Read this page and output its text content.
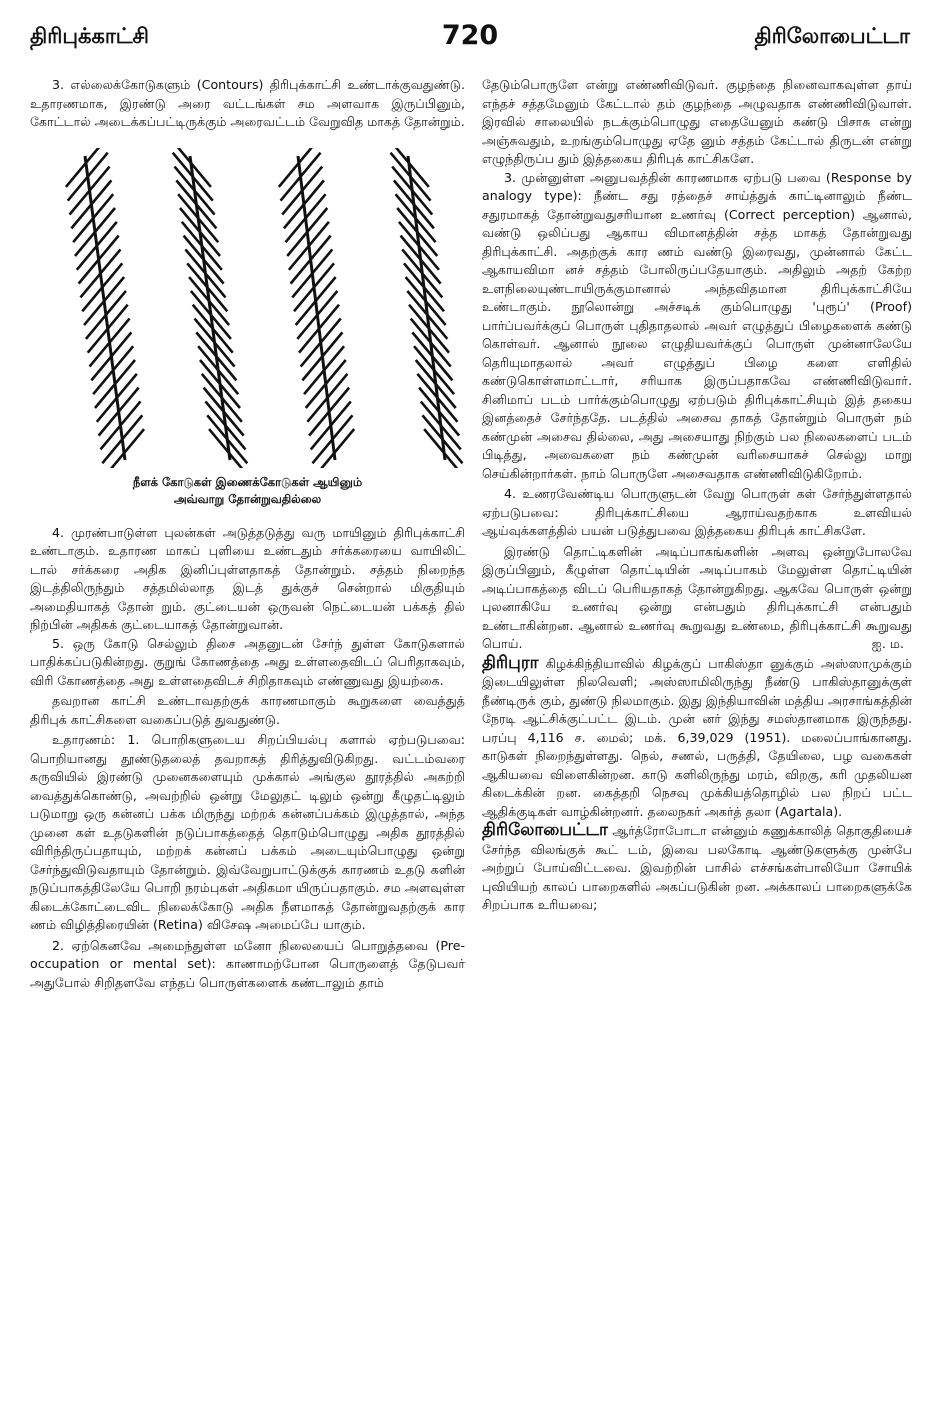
திரிபுக்காட்சி	720	திரிலோபைட்டா

3. எல்லைக்கோடுகளும் (Contours) திரிபுக்காட்சி உண்டாக்குவதுண்டு. உதாரணமாக, இரண்டு அரை வட்டங்கள் சம அளவாக இருப்பினும், கோட்டால் அடைக்கப்பட்டிருக்கும் அரைவட்டம் வேறுவித மாகத் தோன்றும்.

நீளக் கோடுகள் இணைக்கோடுகள் ஆயினும்
அவ்வாறு தோன்றுவதில்லை

4. முரண்பாடுள்ள புலன்கள் அடுத்தடுத்து வரு மாயினும் திரிபுக்காட்சி உண்டாகும். உதாரண மாகப் புளியை உண்டதும் சர்க்கரையை வாயிலிட் டால் சர்க்கரை அதிக இனிப்புள்ளதாகத் தோன்றும். சத்தம் நிறைந்த இடத்திலிருந்தும் சத்தமில்லாத இடத் துக்குச் சென்றால் மிகுதியும் அமைதியாகத் தோன் றும். குட்டையன் ஒருவன் நெட்டையன் பக்கத் தில் நிற்பின் அதிகக் குட்டையாகத் தோன்றுவான்.

5. ஒரு கோடு செல்லும் திசை அதனுடன் சேர்ந் துள்ள கோடுகளால் பாதிக்கப்படுகின்றது. குறுங் கோணத்தை அது உள்ளதைவிடப் பெரிதாகவும், விரி கோணத்தை அது உள்ளதைவிடச் சிறிதாகவும் எண்ணுவது இயற்கை.

தவறான காட்சி உண்டாவதற்குக் காரணமாகும் கூறுகளை வைத்துத் திரிபுக் காட்சிகளை வகைப்படுத் துவதுண்டு.

உதாரணம்: 1. பொறிகளுடைய சிறப்பியல்பு களால் ஏற்படுபவை: பொறியானது தூண்டுதலைத் தவறாகத் திரித்துவிடுகிறது. வட்டம்வரை கருவியில் இரண்டு முனைகளையும் முக்கால் அங்குல தூரத்தில் அகற்றி வைத்துக்கொண்டு, அவற்றில் ஒன்று மேலுதட் டிலும் ஒன்று கீழுதட்டிலும் படுமாறு ஒரு கன்னப் பக்க மிருந்து மற்றக் கன்னப்பக்கம் இழுத்தால், அந்த முனை கள் உதடுகளின் நடுப்பாகத்தைத் தொடும்பொழுது அதிக தூரத்தில் விரிந்திருப்பதாயும், மற்றக் கன்னப் பக்கம் அடையும்பொழுது ஒன்று சேர்ந்துவிடுவதாயும் தோன்றும். இவ்வேறுபாட்டுக்குக் காரணம் உதடு களின் நடுப்பாகத்திலேயே பொறி நரம்புகள் அதிகமா யிருப்பதாகும். சம அளவுள்ள கிடைக்கோட்டைவிட நிலைக்கோடு அதிக நீளமாகத் தோன்றுவதற்குக் கார ணம் விழித்திரையின் (Retina) விசேஷ அமைப்பே யாகும்.

2. ஏற்கெனவே அமைந்துள்ள மனோ நிலையைப் பொறுத்தவை (Pre-occupation or mental set): காணாமற்போன பொருளைத் தேடுபவர் அதுபோல் சிறிதளவே எந்தப் பொருள்களைக் கண்டாலும் தாம்

தேடும்பொருளே என்று எண்ணிவிடுவர். குழந்தை நினைவாகவுள்ள தாய் எந்தச் சத்தமேனும் கேட்டால் தம் குழந்தை அழுவதாக எண்ணிவிடுவாள். இரவில் சாலையில் நடக்கும்பொழுது எதையேனும் கண்டு பிசாசு என்று அஞ்சுவதும், உறங்கும்பொழுது ஏதே னும் சத்தம் கேட்டால் திருடன் என்று எழுந்திருப்ப தும் இத்தகைய திரிபுக் காட்சிகளே.

3. முன்னுள்ள அனுபவத்தின் காரணமாக ஏற்படு பவை (Response by analogy type): நீண்ட சது ரத்தைச் சாய்த்துக் காட்டினாலும் நீண்ட சதுரமாகத் தோன்றுவதுசரியான உணர்வு (Correct perception) ஆனால், வண்டு ஒலிப்பது ஆகாய விமானத்தின் சத்த மாகத் தோன்றுவது திரிபுக்காட்சி. அதற்குக் கார ணம் வண்டு இரைவது, முன்னால் கேட்ட ஆகாயவிமா னச் சத்தம் போலிருப்பதேயாகும். அதிலும் அதற் கேற்ற உளநிலையுண்டாயிருக்குமானால் அந்தவிதமான திரிபுக்காட்சியே உண்டாகும். நூலொன்று அச்சடிக் கும்பொழுது 'புரூப்' (Proof) பார்ப்பவர்க்குப் பொருள் புதிதாதலால் அவர் எழுத்துப் பிழைகளைக் கண்டு கொள்வர். ஆனால் நூலை எழுதியவர்க்குப் பொருள் முன்னாலேயே தெரியுமாதலால் அவர் எழுத்துப் பிழை களை எளிதில் கண்டுகொள்ளமாட்டார், சரியாக இருப்பதாகவே எண்ணிவிடுவார். சினிமாப் படம் பார்க்கும்பொழுது ஏற்படும் திரிபுக்காட்சியும் இத் தகைய இனத்தைச் சேர்ந்ததே. படத்தில் அசைவ தாகத் தோன்றும் பொருள் நம் கண்முன் அசைவ தில்லை, அது அசையாது நிற்கும் பல நிலைகளைப் படம் பிடித்து, அவைகளை நம் கண்முன் வரிசையாகச் செல்லு மாறு செய்கின்றார்கள். நாம் பொருளே அசைவதாக எண்ணிவிடுகிறோம்.

4. உணரவேண்டிய பொருளுடன் வேறு பொருள் கள் சேர்ந்துள்ளதால் ஏற்படுபவை: திரிபுக்காட்சியை ஆராய்வதற்காக உளவியல் ஆய்வுக்களத்தில் பயன் படுத்துபவை இத்தகைய திரிபுக் காட்சிகளே.

இரண்டு தொட்டிகளின் அடிப்பாகங்களின் அளவு ஒன்றுபோலவே இருப்பினும், கீழுள்ள தொட்டியின் அடிப்பாகம் மேலுள்ள தொட்டியின் அடிப்பாகத்தை விடப் பெரியதாகத் தோன்றுகிறது. ஆகவே பொருள் ஒன்று புலனாகியே உணர்வு ஒன்று என்பதும் திரிபுக்காட்சி என்பதும் உண்டாகின்றன. ஆனால் உணர்வு கூறுவது உண்மை, திரிபுக்காட்சி கூறுவது பொய்.	ஐ. ம.

திரிபுரா கிழக்கிந்தியாவில் கிழக்குப் பாகிஸ்தா னுக்கும் அஸ்ஸாமுக்கும் இடையிலுள்ள நிலவெளி; அஸ்ஸாமிலிருந்து நீண்டு பாகிஸ்தானுக்குள் நீண்டிருக் கும், துண்டு நிலமாகும். இது இந்தியாவின் மத்திய அரசாங்கத்தின் நேரடி ஆட்சிக்குட்பட்ட இடம். முன் னர் இந்து சமஸ்தானமாக இருந்தது. பரப்பு 4,116 ச. மைல்; மக். 6,39,029 (1951). மலைப்பாங்கானது. காடுகள் நிறைந்துள்ளது. நெல், சணல், பருத்தி, தேயிலை, பழ வகைகள் ஆகியவை விளைகின்றன. காடு களிலிருந்து மரம், விறகு, கரி முதலியன கிடைக்கின் றன. கைத்தறி நெசவு முக்கியத்தொழில் பல நிறப் பட்ட ஆதிக்குடிகள் வாழ்கின்றனர். தலைநகர் அகர்த் தலா (Agartala).

திரிலோபைட்டா ஆர்த்ரோபோடா என்னும் கணுக்காலித் தொகுதியைச் சேர்ந்த விலங்குக் கூட் டம், இவை பலகோடி ஆண்டுகளுக்கு முன்பே அற்றுப் போய்விட்டவை. இவற்றின் பாசில் எச்சங்கள்பாலியோ சோயிக் புவியியற் காலப் பாறைகளில் அகப்படுகின் றன. அக்காலப் பாறைகளுக்கே சிறப்பாக உரியவை;
